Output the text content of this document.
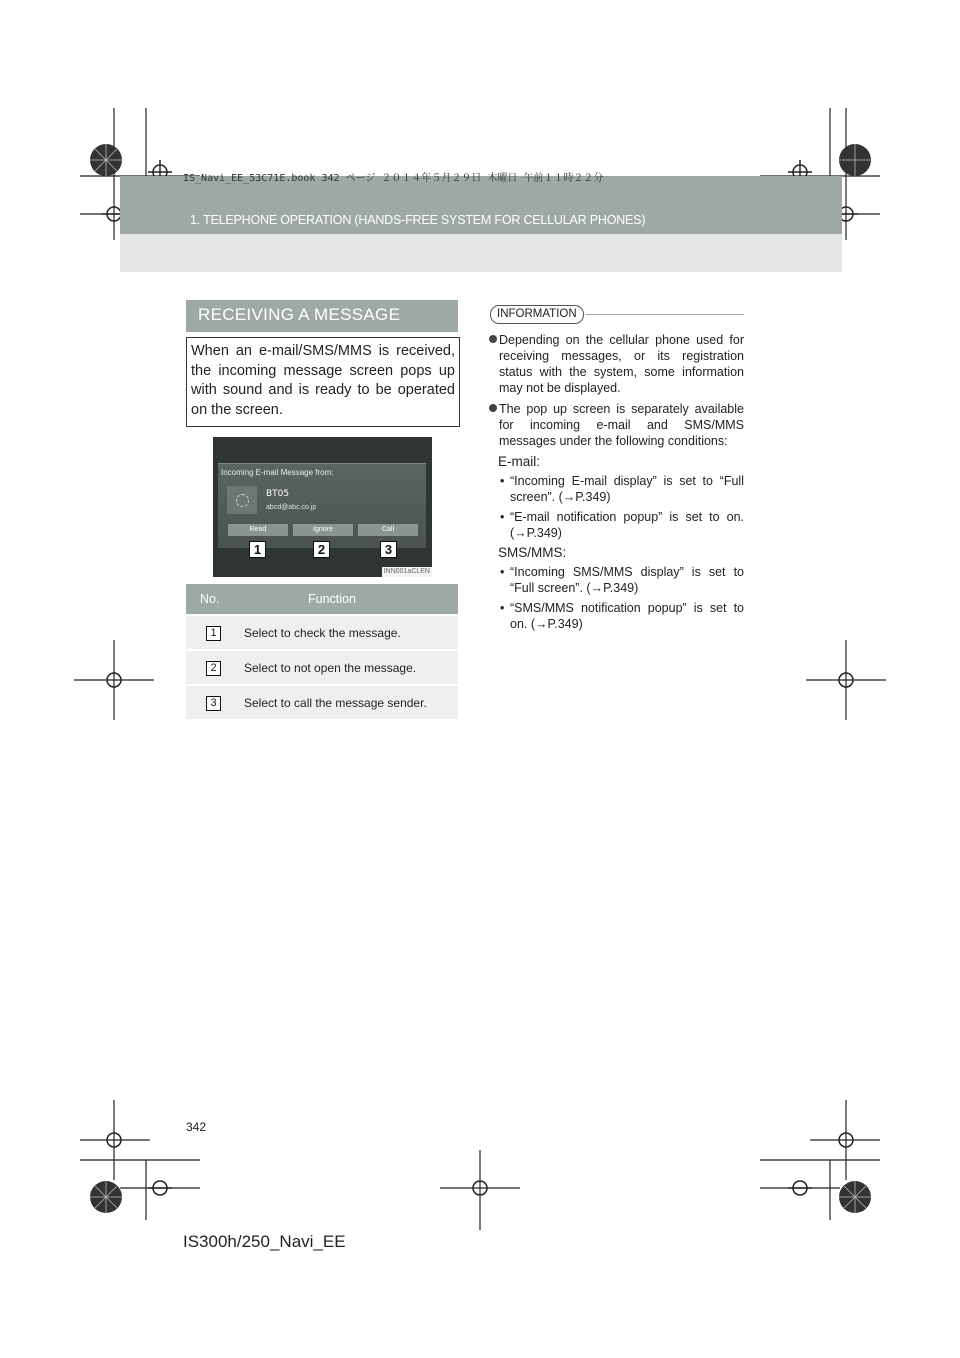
IS_Navi_EE_53C71E.book 342 ページ ２０１４年５月２９日 木曜日 午前１１時２２分
1. TELEPHONE OPERATION (HANDS-FREE SYSTEM FOR CELLULAR PHONES)
RECEIVING A MESSAGE
When an e-mail/SMS/MMS is received, the incoming message screen pops up with sound and is ready to be operated on the screen.
Incoming E-mail Message from:
BT05
abcd@abc.co.jp
Read	Ignore	Call
1	2	3
INN001aCLEN
No.	Function
1	Select to check the message.
2	Select to not open the message.
3	Select to call the message sender.
INFORMATION
Depending on the cellular phone used for receiving messages, or its registration status with the system, some information may not be displayed.
The pop up screen is separately available for incoming e-mail and SMS/MMS messages under the following conditions:
E-mail:
• “Incoming E-mail display” is set to “Full screen”. (→P.349)
• “E-mail notification popup” is set to on. (→P.349)
SMS/MMS:
• “Incoming SMS/MMS display” is set to “Full screen”. (→P.349)
• “SMS/MMS notification popup” is set to on. (→P.349)
342
IS300h/250_Navi_EE
